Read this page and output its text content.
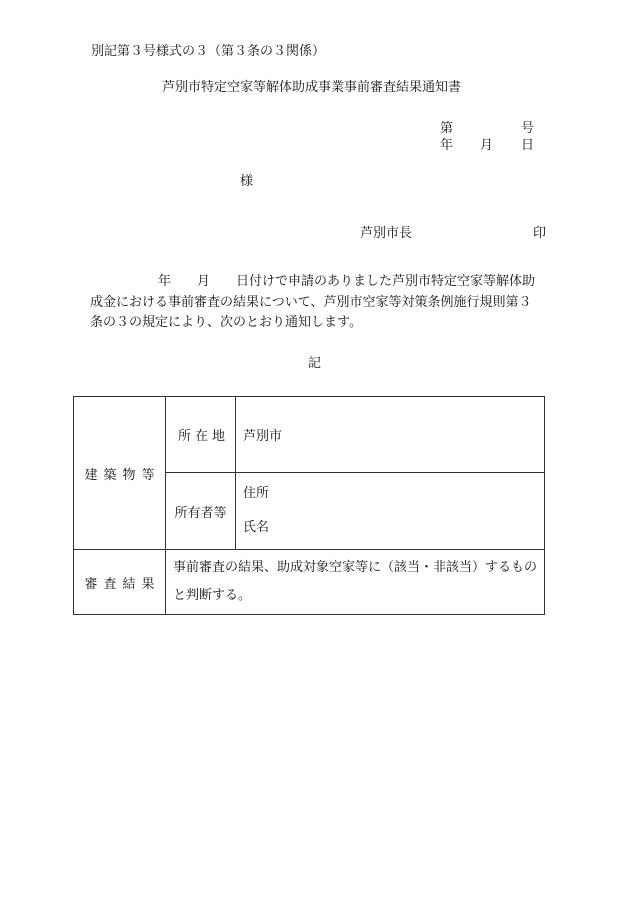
別記第３号様式の３（第３条の３関係）
芦別市特定空家等解体助成事業事前審査結果通知書
第	号
年 月 日
様
芦別市長	印
年　　月　　日付けで申請のありました芦別市特定空家等解体助
成金における事前審査の結果について、芦別市空家等対策条例施行規則第３
条の３の規定により、次のとおり通知します。
記
建築物等	所在地	芦別市
	所有者等	住所
氏名

審査結果	事前審査の結果、助成対象空家等に（該当・非該当）するもの
と判断する。	
